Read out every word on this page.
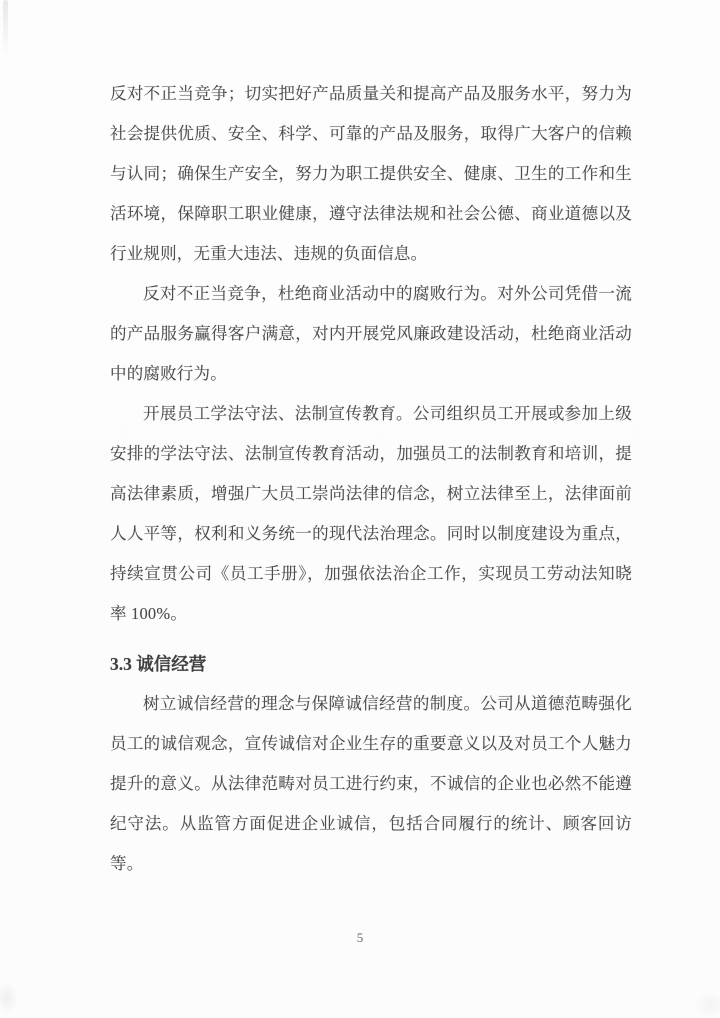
反对不正当竞争；切实把好产品质量关和提高产品及服务水平，努力为社会提供优质、安全、科学、可靠的产品及服务，取得广大客户的信赖与认同；确保生产安全，努力为职工提供安全、健康、卫生的工作和生活环境，保障职工职业健康，遵守法律法规和社会公德、商业道德以及行业规则，无重大违法、违规的负面信息。

反对不正当竞争，杜绝商业活动中的腐败行为。对外公司凭借一流的产品服务赢得客户满意，对内开展党风廉政建设活动，杜绝商业活动中的腐败行为。

开展员工学法守法、法制宣传教育。公司组织员工开展或参加上级安排的学法守法、法制宣传教育活动，加强员工的法制教育和培训，提高法律素质，增强广大员工崇尚法律的信念，树立法律至上，法律面前人人平等，权利和义务统一的现代法治理念。同时以制度建设为重点，持续宣贯公司《员工手册》，加强依法治企工作，实现员工劳动法知晓率 100%。

3.3 诚信经营

树立诚信经营的理念与保障诚信经营的制度。公司从道德范畴强化员工的诚信观念，宣传诚信对企业生存的重要意义以及对员工个人魅力提升的意义。从法律范畴对员工进行约束，不诚信的企业也必然不能遵纪守法。从监管方面促进企业诚信，包括合同履行的统计、顾客回访等。

5
